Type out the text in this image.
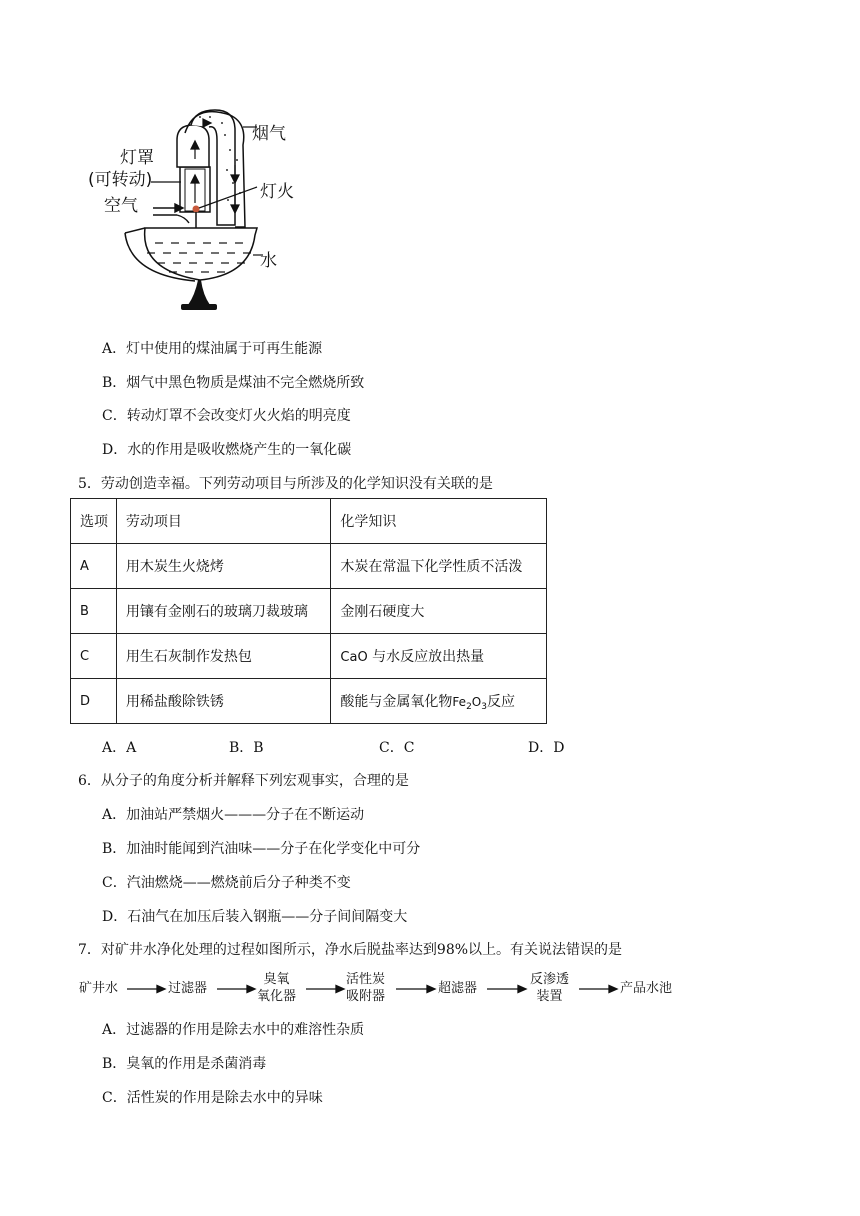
灯罩
(可转动)
空气
烟气
灯火
水
A．灯中使用的煤油属于可再生能源
B．烟气中黑色物质是煤油不完全燃烧所致
C．转动灯罩不会改变灯火火焰的明亮度
D．水的作用是吸收燃烧产生的一氧化碳
5．劳动创造幸福。下列劳动项目与所涉及的化学知识没有关联的是
选项	劳动项目	化学知识
A	用木炭生火烧烤	木炭在常温下化学性质不活泼
B	用镶有金刚石的玻璃刀裁玻璃	金刚石硬度大
C	用生石灰制作发热包	CaO 与水反应放出热量
D	用稀盐酸除铁锈	酸能与金属氧化物$Fe_2O_3$反应
A．A	B．B	C．C	D．D
6．从分子的角度分析并解释下列宏观事实，合理的是
A．加油站严禁烟火———分子在不断运动
B．加油时能闻到汽油味——分子在化学变化中可分
C．汽油燃烧——燃烧前后分子种类不变
D．石油气在加压后装入钢瓶——分子间间隔变大
7．对矿井水净化处理的过程如图所示，净水后脱盐率达到98%以上。有关说法错误的是
矿井水	过滤器
臭氧
氧化器
活性炭
吸附器
超滤器
反渗透
装置
产品水池
A．过滤器的作用是除去水中的难溶性杂质
B．臭氧的作用是杀菌消毒
C．活性炭的作用是除去水中的异味
